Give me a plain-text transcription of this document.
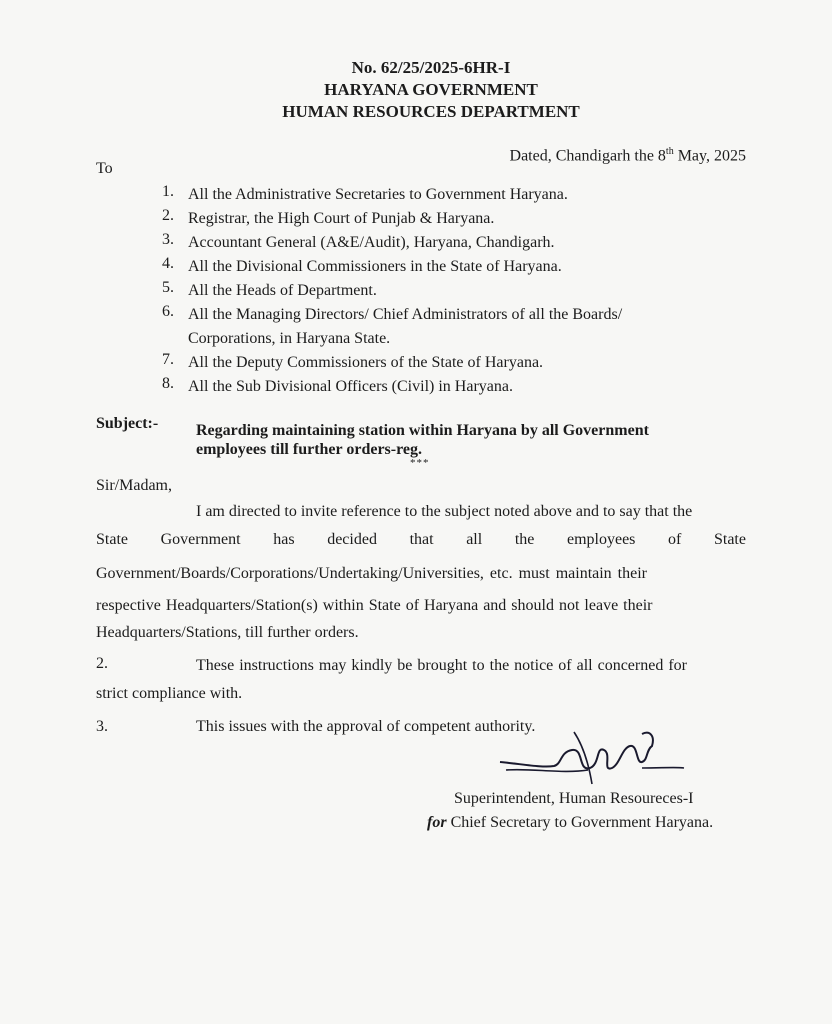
No. 62/25/2025-6HR-I
HARYANA GOVERNMENT
HUMAN RESOURCES DEPARTMENT
Dated, Chandigarh the 8th May, 2025
To
1. All the Administrative Secretaries to Government Haryana.
2. Registrar, the High Court of Punjab & Haryana.
3. Accountant General (A&E/Audit), Haryana, Chandigarh.
4. All the Divisional Commissioners in the State of Haryana.
5. All the Heads of Department.
6. All the Managing Directors/ Chief Administrators of all the Boards/
Corporations, in Haryana State.
7. All the Deputy Commissioners of the State of Haryana.
8. All the Sub Divisional Officers (Civil) in Haryana.
Subject:- Regarding maintaining station within Haryana by all Government
employees till further orders-reg.
***
Sir/Madam,
I am directed to invite reference to the subject noted above and to say that the
State Government has decided that all the employees of State
Government/Boards/Corporations/Undertaking/Universities, etc. must maintain their
respective Headquarters/Station(s) within State of Haryana and should not leave their
Headquarters/Stations, till further orders.
2.	These instructions may kindly be brought to the notice of all concerned for
strict compliance with.
3.	This issues with the approval of competent authority.
Superintendent, Human Resoureces-I
for Chief Secretary to Government Haryana.
